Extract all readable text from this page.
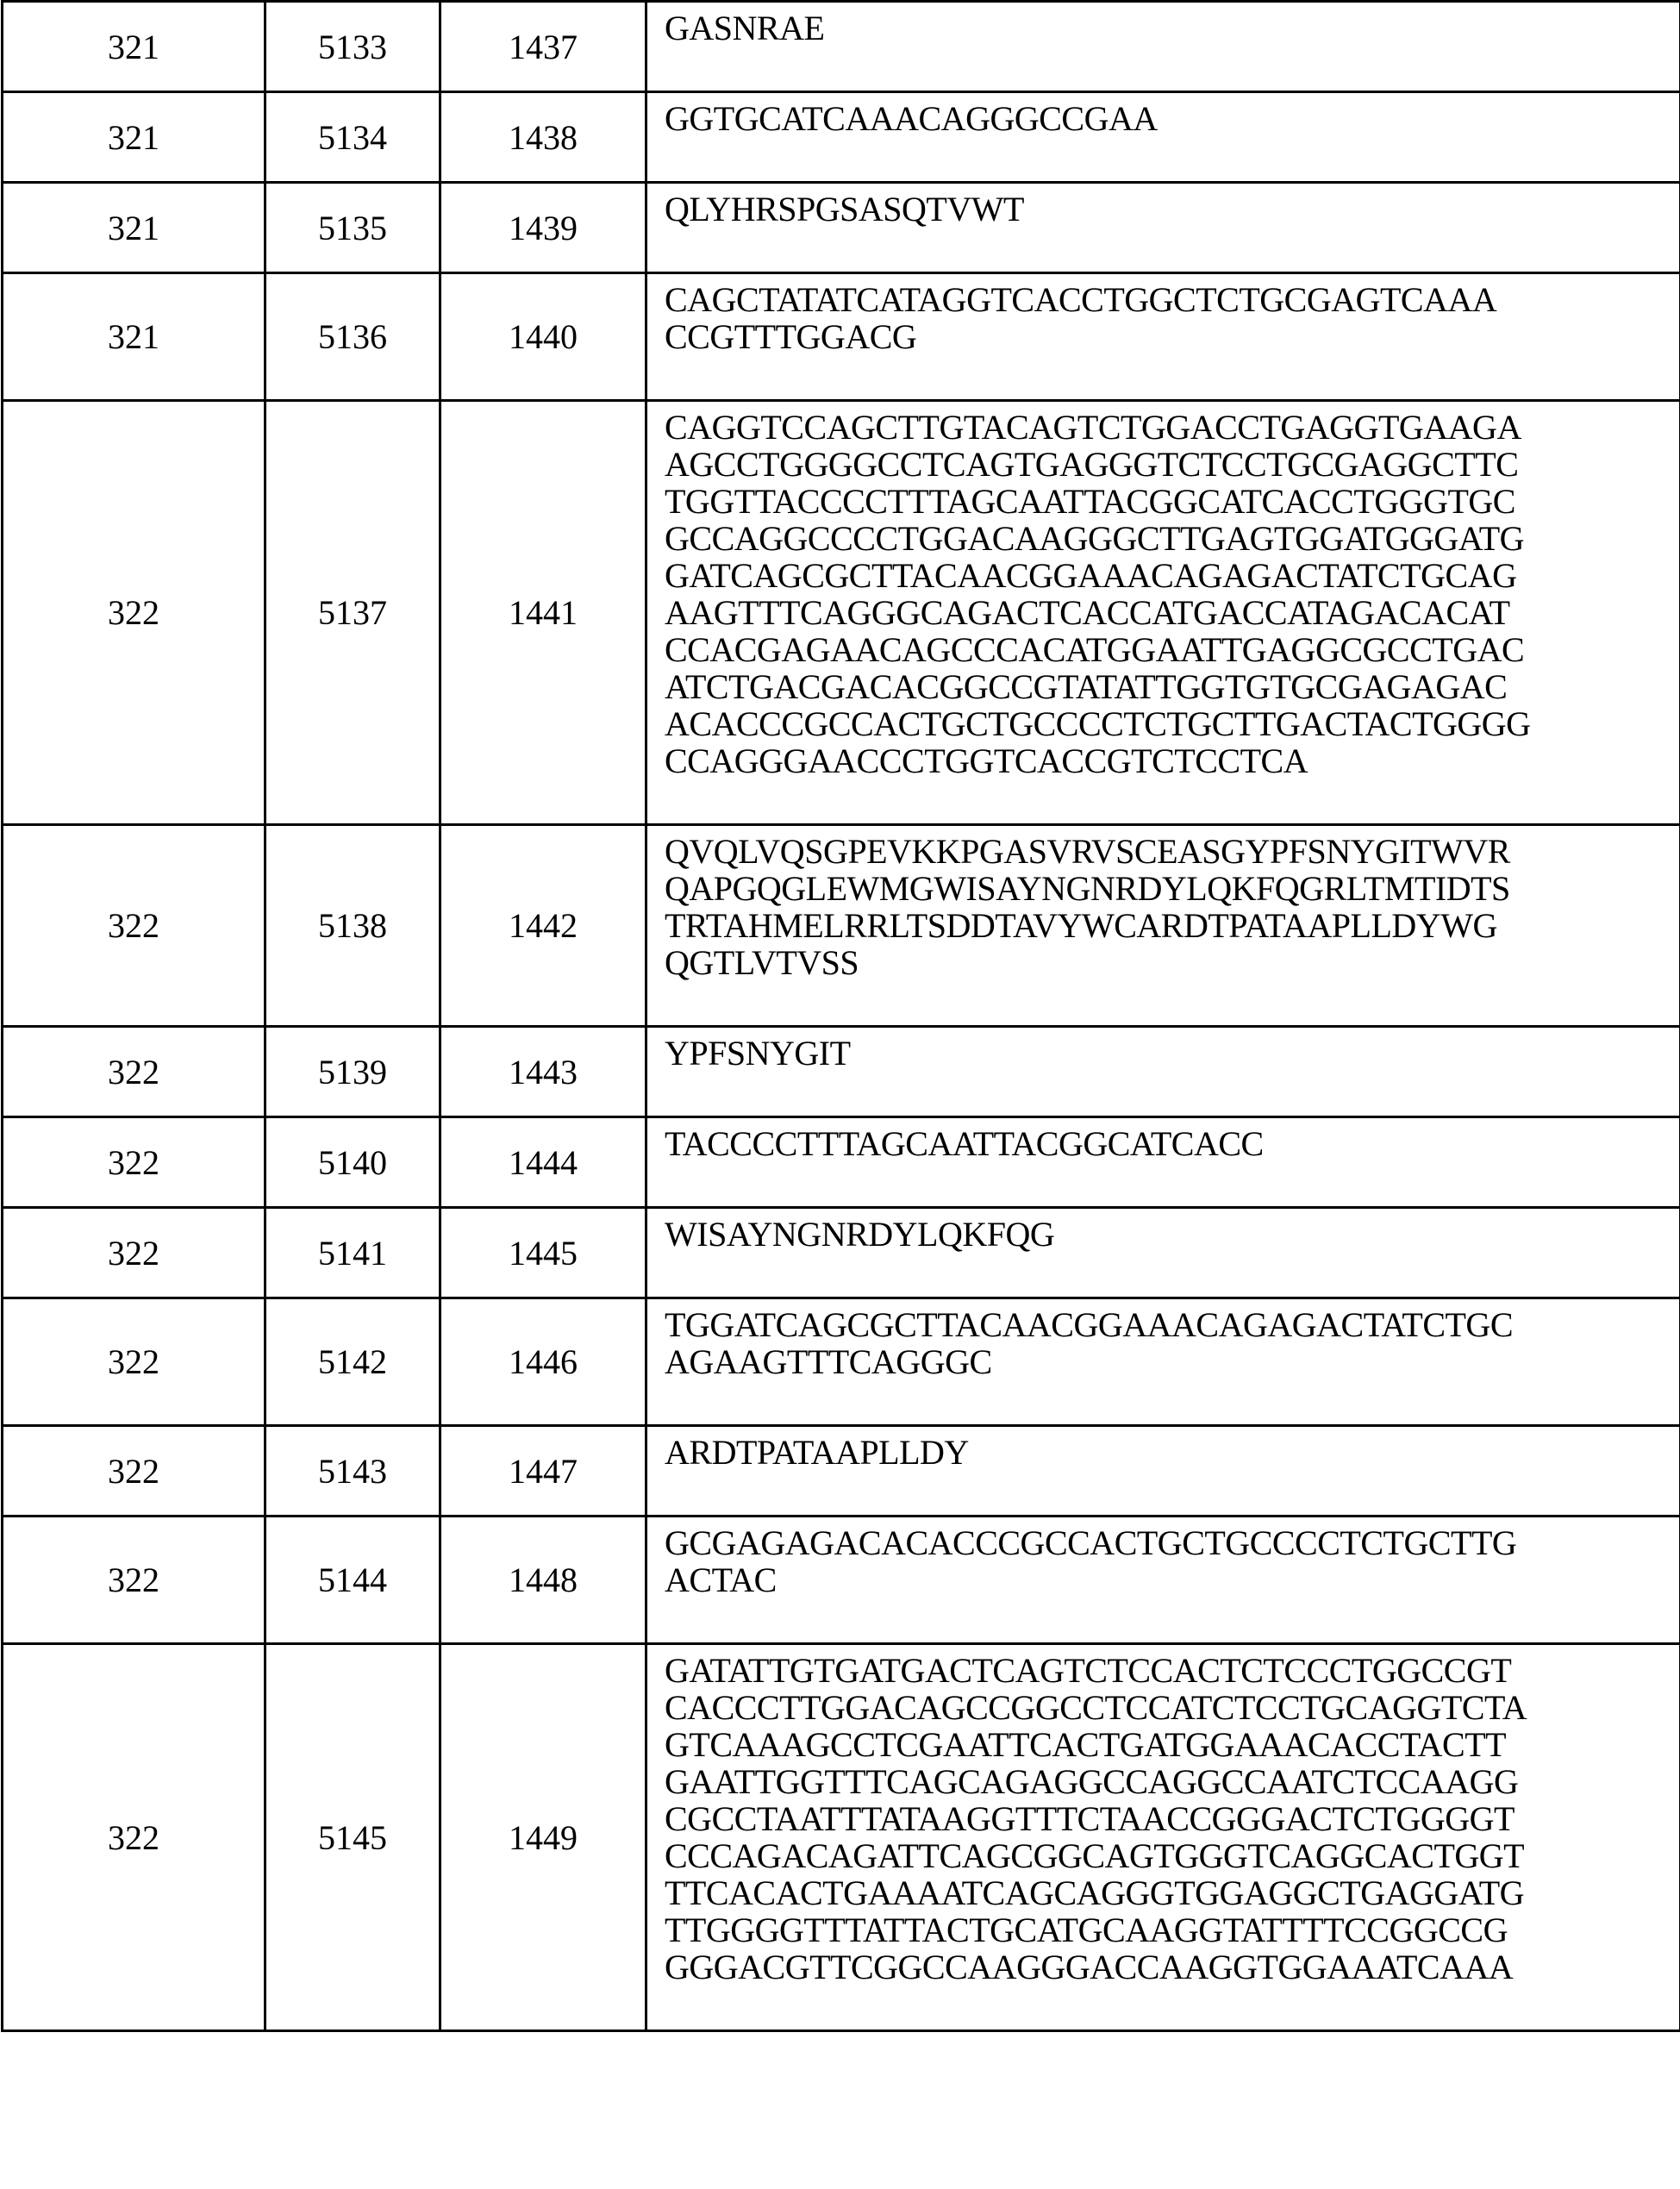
321	5133	1437	GASNRAE

321	5134	1438	GGTGCATCAAACAGGGCCGAA

321	5135	1439	QLYHRSPGSASQTVWT

321	5136	1440
	CAGCTATATCATAGGTCACCTGGCTCTGCGAGTCAAA
CCGTTTGGACG

322	5137	1441
	CAGGTCCAGCTTGTACAGTCTGGACCTGAGGTGAAGA
AGCCTGGGGCCTCAGTGAGGGTCTCCTGCGAGGCTTC
TGGTTACCCCTTTAGCAATTACGGCATCACCTGGGTGC
GCCAGGCCCCTGGACAAGGGCTTGAGTGGATGGGATG
GATCAGCGCTTACAACGGAAACAGAGACTATCTGCAG
AAGTTTCAGGGCAGACTCACCATGACCATAGACACAT
CCACGAGAACAGCCCACATGGAATTGAGGCGCCTGAC
ATCTGACGACACGGCCGTATATTGGTGTGCGAGAGAC
ACACCCGCCACTGCTGCCCCTCTGCTTGACTACTGGGG
CCAGGGAACCCTGGTCACCGTCTCCTCA

322	5138	1442
	QVQLVQSGPEVKKPGASVRVSCEASGYPFSNYGITWVR
QAPGQGLEWMGWISAYNGNRDYLQKFQGRLTMTIDTS
TRTAHMELRRLTSDDTAVYWCARDTPATAAPLLDYWG
QGTLVTVSS

322	5139	1443	YPFSNYGIT

322	5140	1444	TACCCCTTTAGCAATTACGGCATCACC

322	5141	1445	WISAYNGNRDYLQKFQG

322	5142	1446
	TGGATCAGCGCTTACAACGGAAACAGAGACTATCTGC
AGAAGTTTCAGGGC

322	5143	1447	ARDTPATAAPLLDY

322	5144	1448
	GCGAGAGACACACCCGCCACTGCTGCCCCTCTGCTTG
ACTAC

322	5145	1449
	GATATTGTGATGACTCAGTCTCCACTCTCCCTGGCCGT
CACCCTTGGACAGCCGGCCTCCATCTCCTGCAGGTCTA
GTCAAAGCCTCGAATTCACTGATGGAAACACCTACTT
GAATTGGTTTCAGCAGAGGCCAGGCCAATCTCCAAGG
CGCCTAATTTATAAGGTTTCTAACCGGGACTCTGGGGT
CCCAGACAGATTCAGCGGCAGTGGGTCAGGCACTGGT
TTCACACTGAAAATCAGCAGGGTGGAGGCTGAGGATG
TTGGGGTTTATTACTGCATGCAAGGTATTTTCCGGCCG
GGGACGTTCGGCCAAGGGACCAAGGTGGAAATCAAA
